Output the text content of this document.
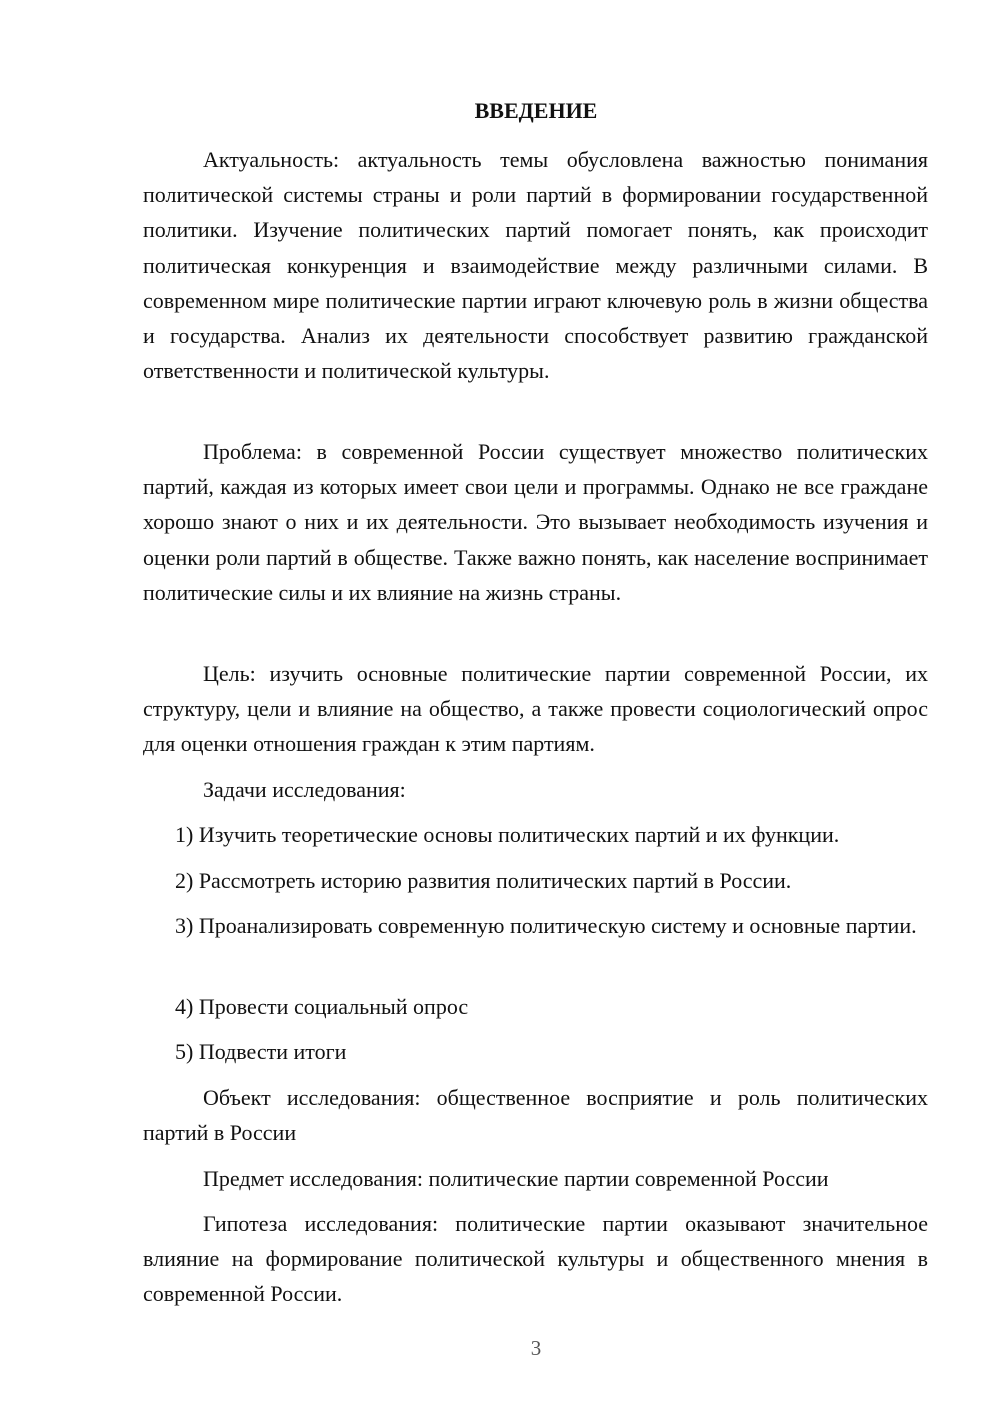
ВВЕДЕНИЕ

Актуальность: актуальность темы обусловлена важностью понимания политической системы страны и роли партий в формировании государственной политики. Изучение политических партий помогает понять, как происходит политическая конкуренция и взаимодействие между различными силами. В современном мире политические партии играют ключевую роль в жизни общества и государства. Анализ их деятельности способствует развитию гражданской ответственности и политической культуры.

Проблема: в современной России существует множество политических партий, каждая из которых имеет свои цели и программы. Однако не все граждане хорошо знают о них и их деятельности. Это вызывает необходимость изучения и оценки роли партий в обществе. Также важно понять, как население воспринимает политические силы и их влияние на жизнь страны.

Цель: изучить основные политические партии современной России, их структуру, цели и влияние на общество, а также провести социологический опрос для оценки отношения граждан к этим партиям.

Задачи исследования:

1) Изучить теоретические основы политических партий и их функции.

2) Рассмотреть историю развития политических партий в России.

3) Проанализировать современную политическую систему и основные партии.

4) Провести социальный опрос

5) Подвести итоги

Объект исследования: общественное восприятие и роль политических партий в России

Предмет исследования: политические партии современной России

Гипотеза исследования: политические партии оказывают значительное влияние на формирование политической культуры и общественного мнения в современной России.

3
